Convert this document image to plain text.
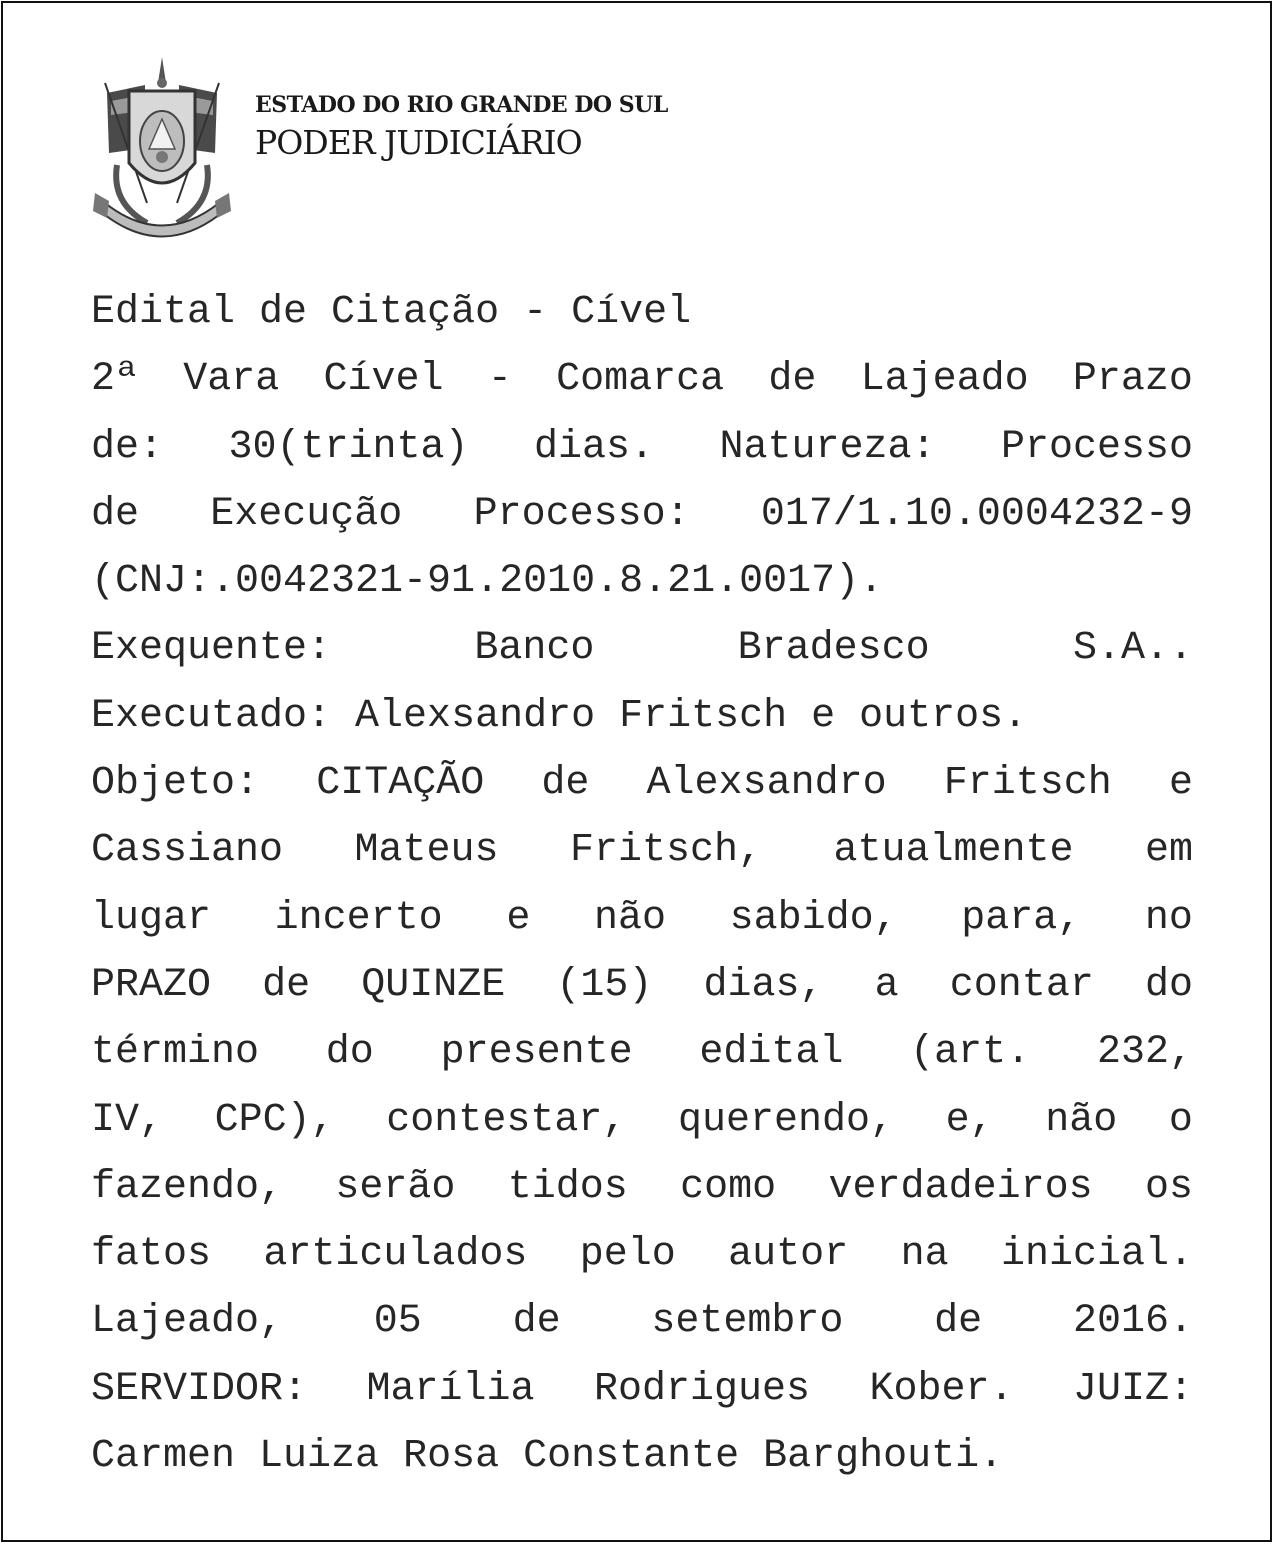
ESTADO DO RIO GRANDE DO SUL
PODER JUDICIÁRIO
Edital de Citação - Cível
2ª Vara Cível - Comarca de Lajeado Prazo
de: 30(trinta) dias. Natureza: Processo
de Execução Processo: 017/1.10.0004232-9
(CNJ:.0042321-91.2010.8.21.0017).
Exequente:	Banco	Bradesco	S.A..
Executado: Alexsandro Fritsch e outros.
Objeto: CITAÇÃO de Alexsandro Fritsch e
Cassiano Mateus Fritsch, atualmente em
lugar incerto e não sabido, para, no
PRAZO de QUINZE (15) dias, a contar do
término do presente edital (art. 232,
IV, CPC), contestar, querendo, e, não o
fazendo, serão tidos como verdadeiros os
fatos articulados pelo autor na inicial.
Lajeado, 05 de setembro de 2016.
SERVIDOR: Marília Rodrigues Kober. JUIZ:
Carmen Luiza Rosa Constante Barghouti.
